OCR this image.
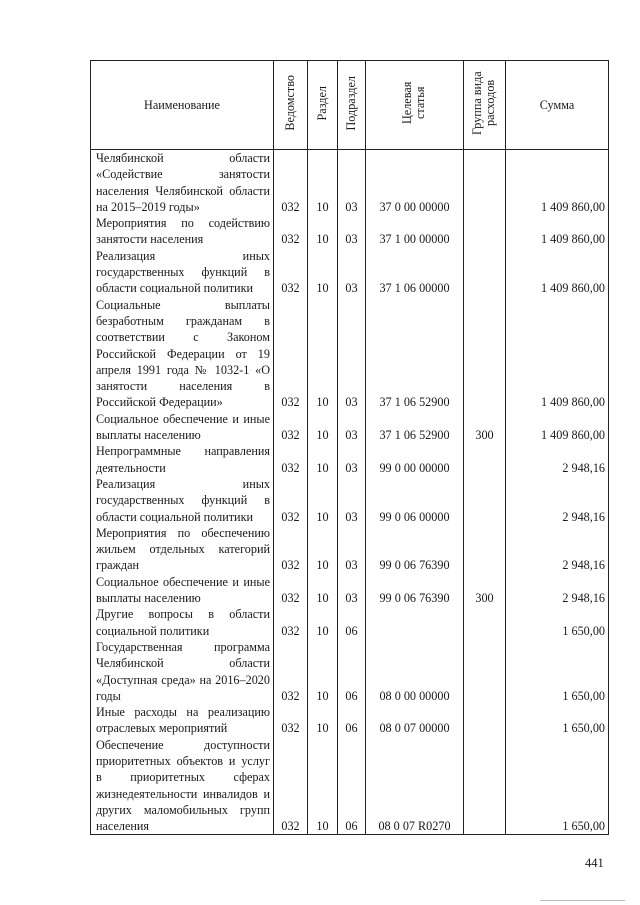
Наименование	Ведомство	Раздел	Подраздел	Целевая статья	Группа вида расходов	Сумма
Челябинской области «Содействие занятости населения Челябинской области на 2015–2019 годы»	032	10	03	37 0 00 00000		1 409 860,00
Мероприятия по содействию занятости населения	032	10	03	37 1 00 00000		1 409 860,00
Реализация иных государственных функций в области социальной политики	032	10	03	37 1 06 00000		1 409 860,00
Социальные выплаты безработным гражданам в соответствии с Законом Российской Федерации от 19 апреля 1991 года № 1032-1 «О занятости населения в Российской Федерации»	032	10	03	37 1 06 52900		1 409 860,00
Социальное обеспечение и иные выплаты населению	032	10	03	37 1 06 52900	300	1 409 860,00
Непрограммные направления деятельности	032	10	03	99 0 00 00000		2 948,16
Реализация иных государственных функций в области социальной политики	032	10	03	99 0 06 00000		2 948,16
Мероприятия по обеспечению жильем отдельных категорий граждан	032	10	03	99 0 06 76390		2 948,16
Социальное обеспечение и иные выплаты населению	032	10	03	99 0 06 76390	300	2 948,16
Другие вопросы в области социальной политики	032	10	06			1 650,00
Государственная программа Челябинской области «Доступная среда» на 2016–2020 годы	032	10	06	08 0 00 00000		1 650,00
Иные расходы на реализацию отраслевых мероприятий	032	10	06	08 0 07 00000		1 650,00
Обеспечение доступности приоритетных объектов и услуг в приоритетных сферах жизнедеятельности инвалидов и других маломобильных групп населения	032	10	06	08 0 07 R0270		1 650,00
441
